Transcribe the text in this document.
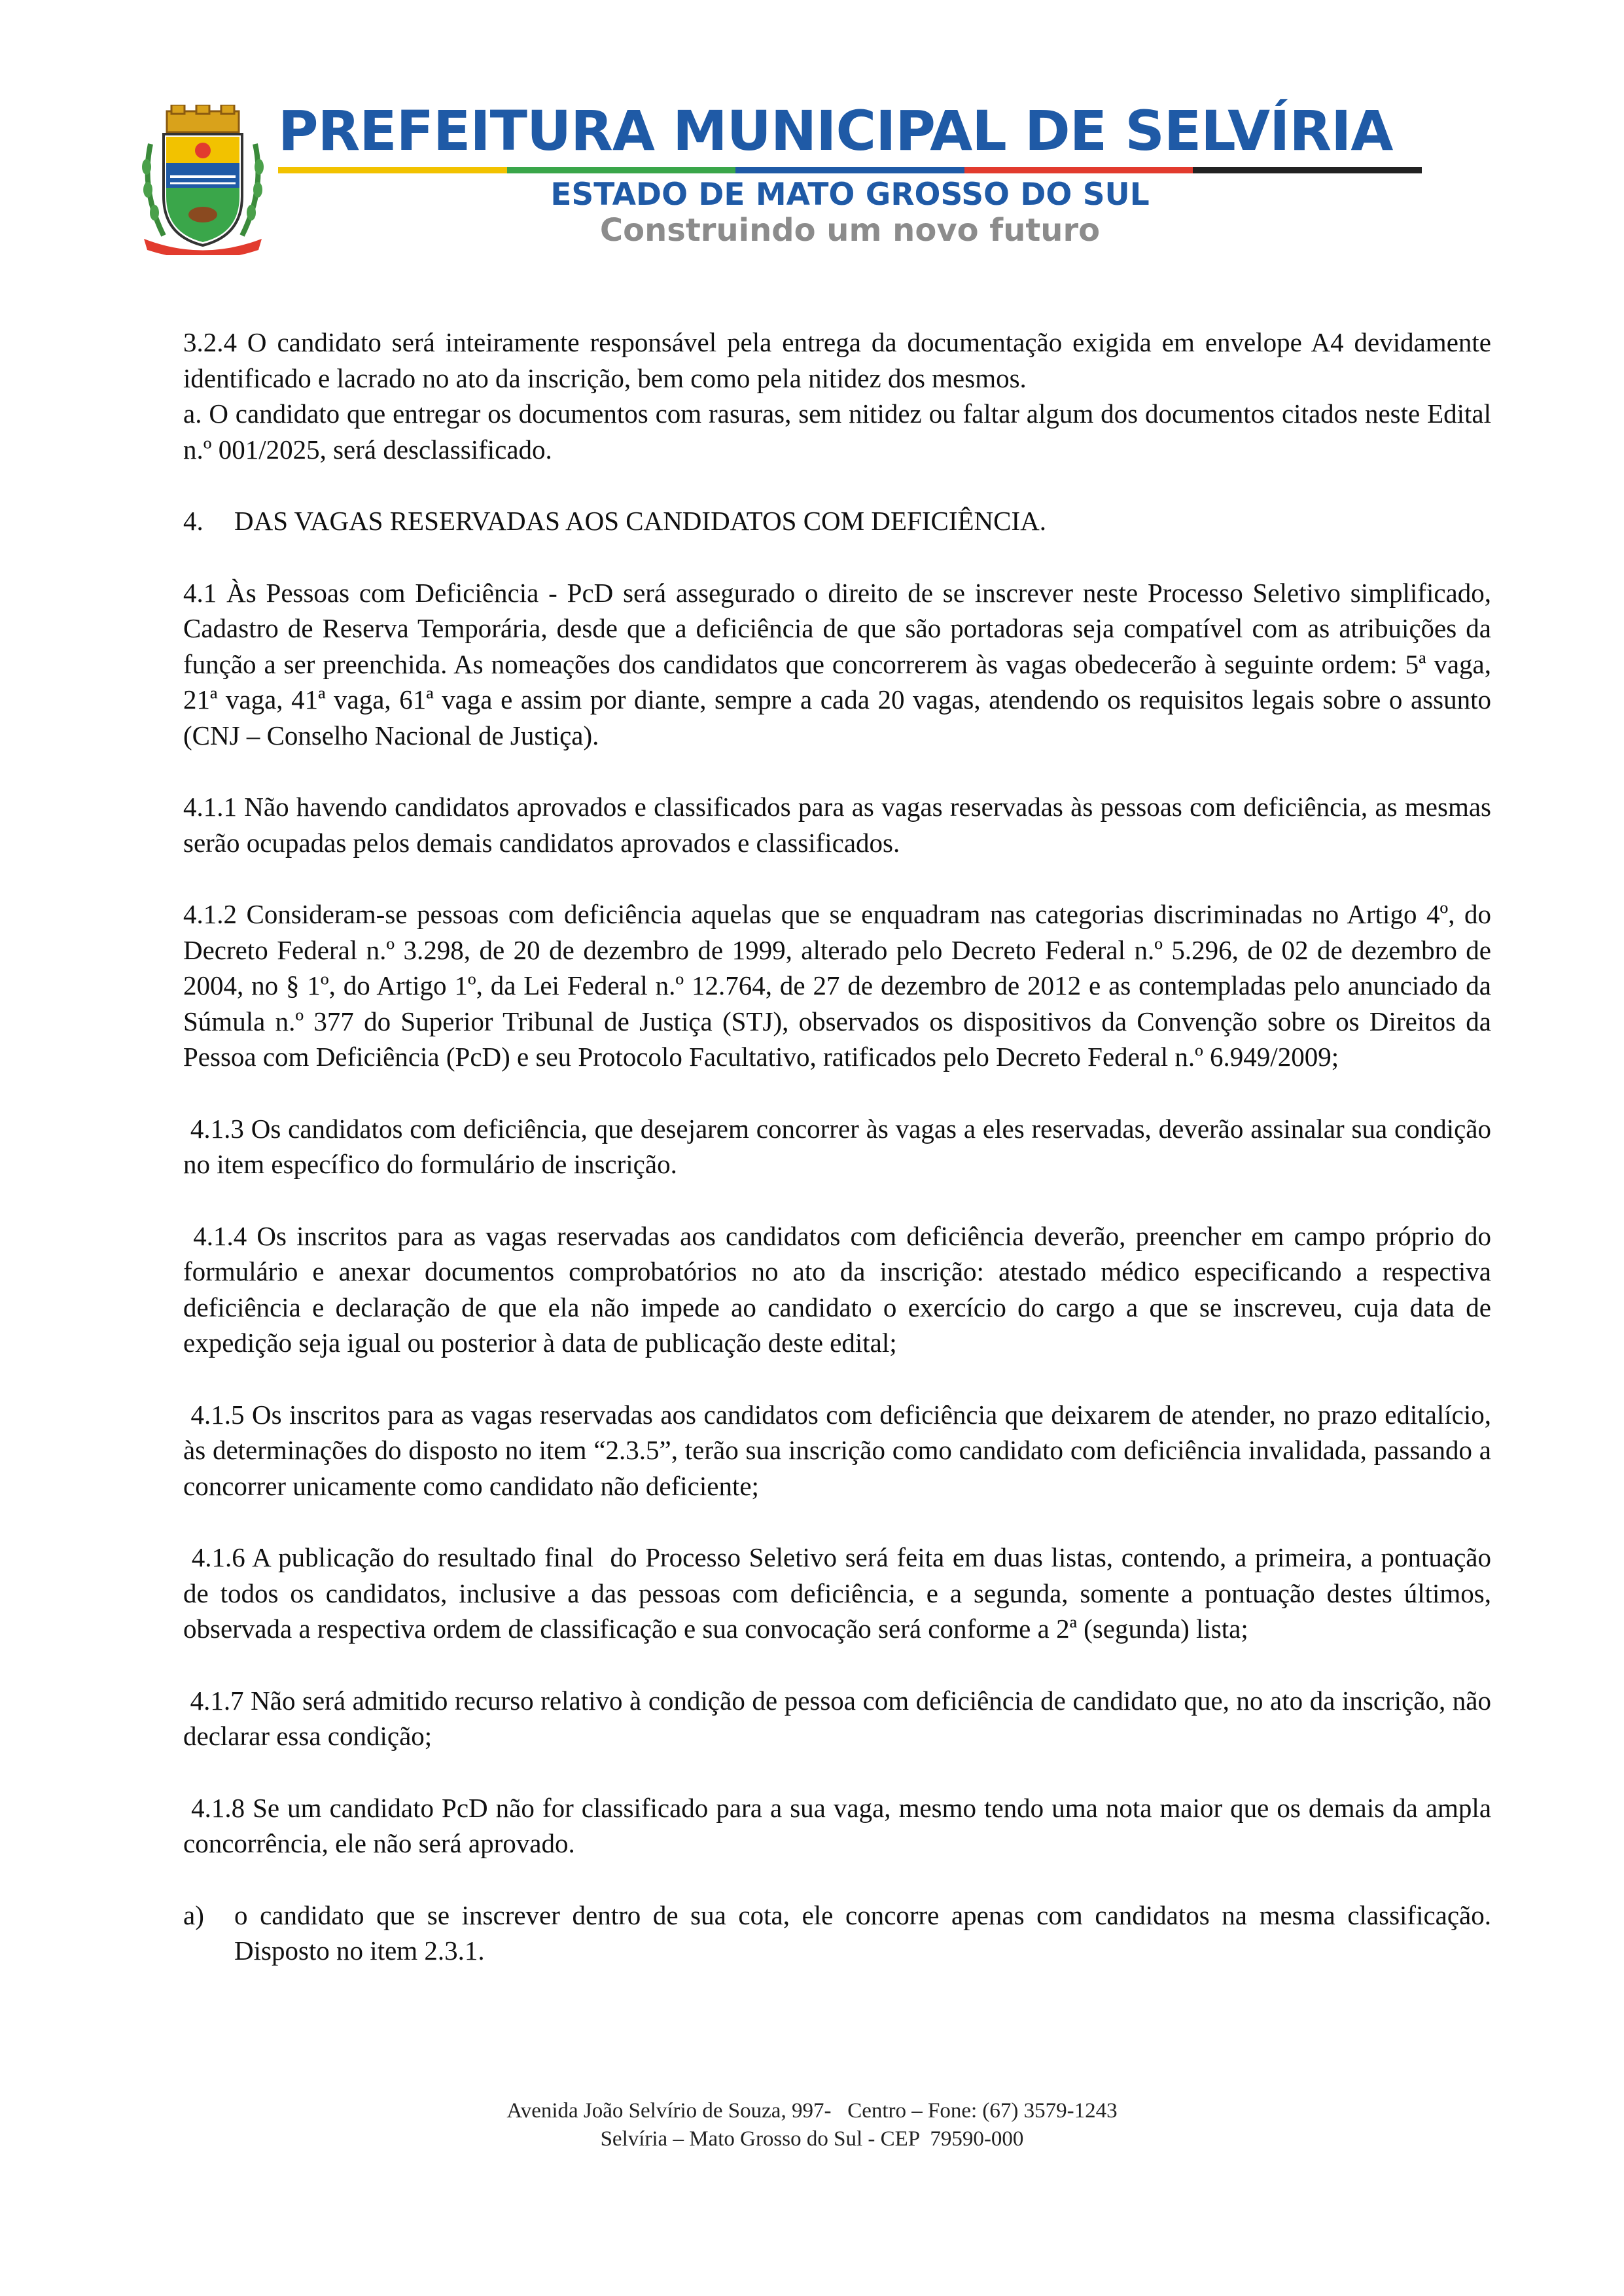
PREFEITURA MUNICIPAL DE SELVÍRIA
ESTADO DE MATO GROSSO DO SUL
Construindo um novo futuro

3.2.4 O candidato será inteiramente responsável pela entrega da documentação exigida em envelope A4 devidamente identificado e lacrado no ato da inscrição, bem como pela nitidez dos mesmos.

a. O candidato que entregar os documentos com rasuras, sem nitidez ou faltar algum dos documentos citados neste Edital n.º 001/2025, será desclassificado.

4. DAS VAGAS RESERVADAS AOS CANDIDATOS COM DEFICIÊNCIA.

4.1 Às Pessoas com Deficiência - PcD será assegurado o direito de se inscrever neste Processo Seletivo simplificado, Cadastro de Reserva Temporária, desde que a deficiência de que são portadoras seja compatível com as atribuições da função a ser preenchida. As nomeações dos candidatos que concorrerem às vagas obedecerão à seguinte ordem: 5ª vaga, 21ª vaga, 41ª vaga, 61ª vaga e assim por diante, sempre a cada 20 vagas, atendendo os requisitos legais sobre o assunto (CNJ – Conselho Nacional de Justiça).

4.1.1 Não havendo candidatos aprovados e classificados para as vagas reservadas às pessoas com deficiência, as mesmas serão ocupadas pelos demais candidatos aprovados e classificados.

4.1.2 Consideram-se pessoas com deficiência aquelas que se enquadram nas categorias discriminadas no Artigo 4º, do Decreto Federal n.º 3.298, de 20 de dezembro de 1999, alterado pelo Decreto Federal n.º 5.296, de 02 de dezembro de 2004, no § 1º, do Artigo 1º, da Lei Federal n.º 12.764, de 27 de dezembro de 2012 e as contempladas pelo anunciado da Súmula n.º 377 do Superior Tribunal de Justiça (STJ), observados os dispositivos da Convenção sobre os Direitos da Pessoa com Deficiência (PcD) e seu Protocolo Facultativo, ratificados pelo Decreto Federal n.º 6.949/2009;

4.1.3 Os candidatos com deficiência, que desejarem concorrer às vagas a eles reservadas, deverão assinalar sua condição no item específico do formulário de inscrição.

4.1.4 Os inscritos para as vagas reservadas aos candidatos com deficiência deverão, preencher em campo próprio do formulário e anexar documentos comprobatórios no ato da inscrição: atestado médico especificando a respectiva deficiência e declaração de que ela não impede ao candidato o exercício do cargo a que se inscreveu, cuja data de expedição seja igual ou posterior à data de publicação deste edital;

4.1.5 Os inscritos para as vagas reservadas aos candidatos com deficiência que deixarem de atender, no prazo editalício, às determinações do disposto no item “2.3.5”, terão sua inscrição como candidato com deficiência invalidada, passando a concorrer unicamente como candidato não deficiente;

4.1.6 A publicação do resultado final  do Processo Seletivo será feita em duas listas, contendo, a primeira, a pontuação de todos os candidatos, inclusive a das pessoas com deficiência, e a segunda, somente a pontuação destes últimos, observada a respectiva ordem de classificação e sua convocação será conforme a 2ª (segunda) lista;

4.1.7 Não será admitido recurso relativo à condição de pessoa com deficiência de candidato que, no ato da inscrição, não declarar essa condição;

4.1.8 Se um candidato PcD não for classificado para a sua vaga, mesmo tendo uma nota maior que os demais da ampla concorrência, ele não será aprovado.

a)	o candidato que se inscrever dentro de sua cota, ele concorre apenas com candidatos na mesma classificação. Disposto no item 2.3.1.
Avenida João Selvírio de Souza, 997-   Centro – Fone: (67) 3579-1243
Selvíria – Mato Grosso do Sul - CEP  79590-000
